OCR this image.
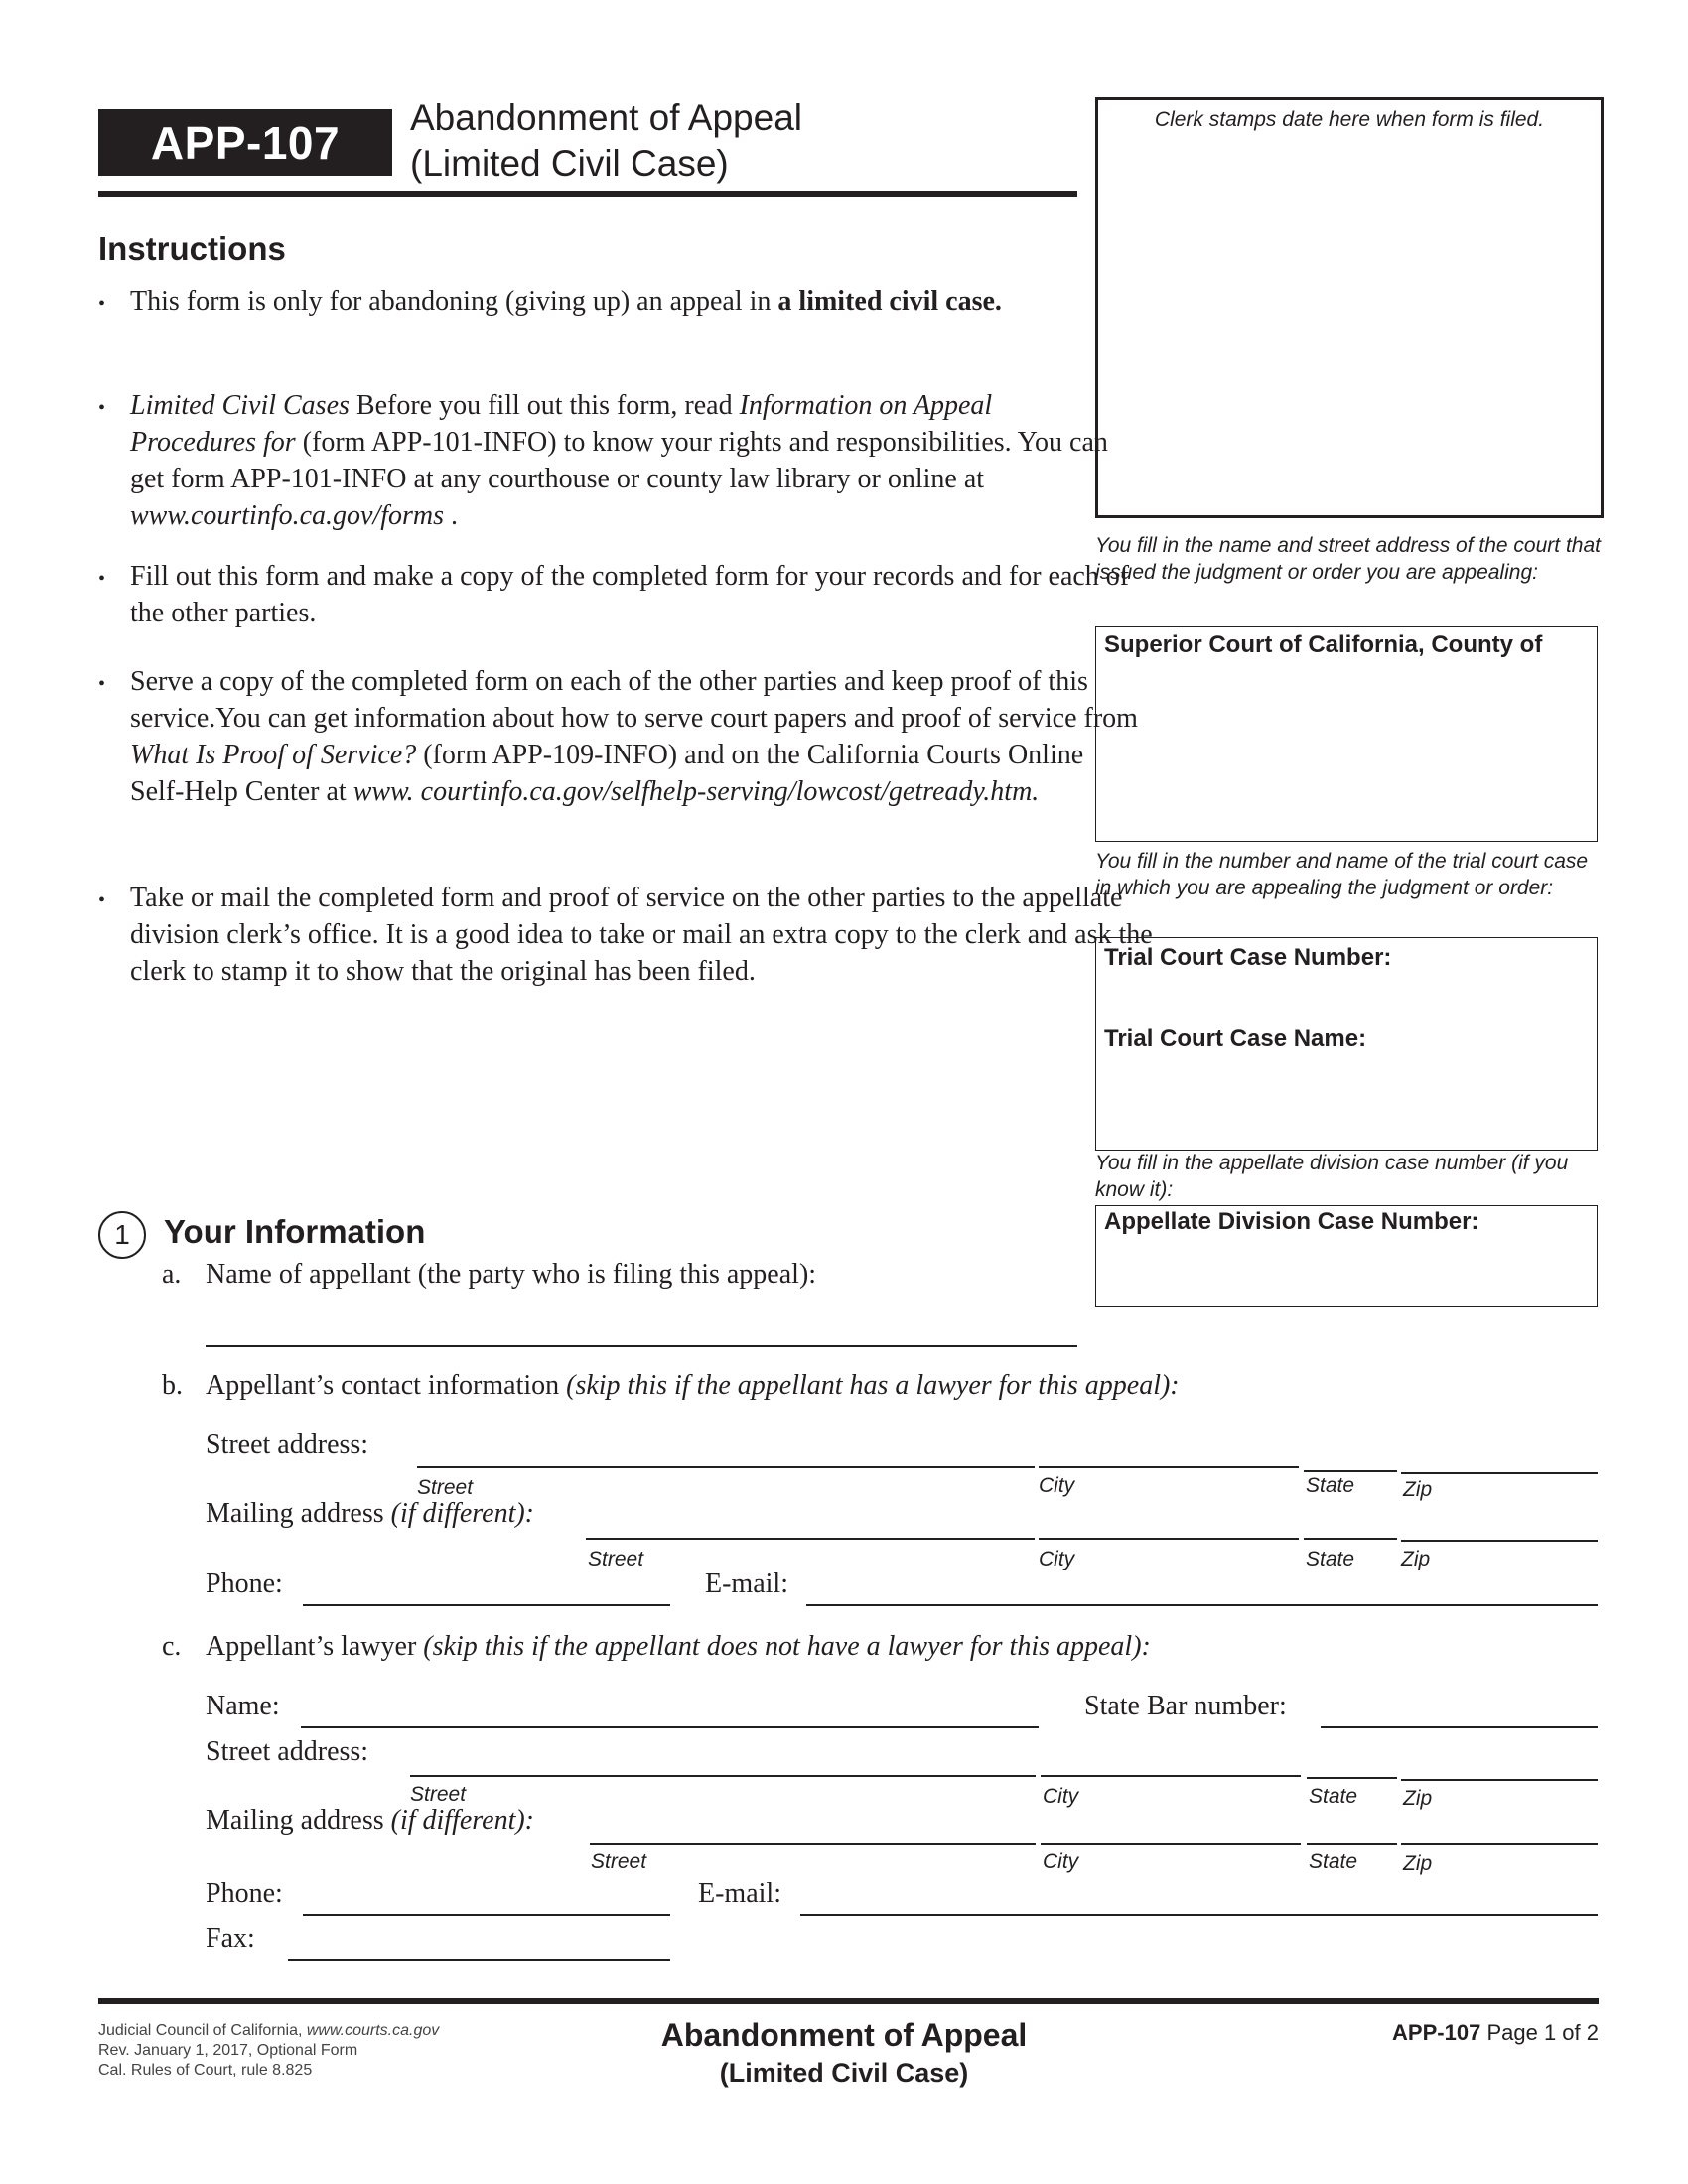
APP-107	Abandonment of Appeal
(Limited Civil Case)
Clerk stamps date here when form is filed.
You fill in the name and street address of the court that issued the judgment or order you are appealing:
Superior Court of California, County of
You fill in the number and name of the trial court case in which you are appealing the judgment or order:
Trial Court Case Number:
Trial Court Case Name:
You fill in the appellate division case number (if you know it):
Appellate Division Case Number:
Instructions
• This form is only for abandoning (giving up) an appeal in a limited civil case.
• Limited Civil Cases Before you fill out this form, read Information on Appeal Procedures for (form APP-101-INFO) to know your rights and responsibilities. You can get form APP-101-INFO at any courthouse or county law library or online at www.courtinfo.ca.gov/forms .
• Fill out this form and make a copy of the completed form for your records and for each of the other parties.
• Serve a copy of the completed form on each of the other parties and keep proof of this service.You can get information about how to serve court papers and proof of service from What Is Proof of Service? (form APP-109-INFO) and on the California Courts Online Self-Help Center at www. courtinfo.ca.gov/selfhelp-serving/lowcost/getready.htm.
• Take or mail the completed form and proof of service on the other parties to the appellate division clerk’s office. It is a good idea to take or mail an extra copy to the clerk and ask the clerk to stamp it to show that the original has been filed.
1	Your Information
a. Name of appellant (the party who is filing this appeal):
b. Appellant’s contact information (skip this if the appellant has a lawyer for this appeal):
Street address:
Street	City	State Zip
Mailing address (if different):
Street	City	State Zip
Phone:	E-mail:
c. Appellant’s lawyer (skip this if the appellant does not have a lawyer for this appeal):
Name:	State Bar number:
Street address:
Street	City	State Zip
Mailing address (if different):
Street	City	State Zip
Phone:	E-mail:
Fax:
Judicial Council of California, www.courts.ca.gov
Rev. January 1, 2017, Optional Form
Cal. Rules of Court, rule 8.825
Abandonment of Appeal
(Limited Civil Case)
APP-107 Page 1 of 2
